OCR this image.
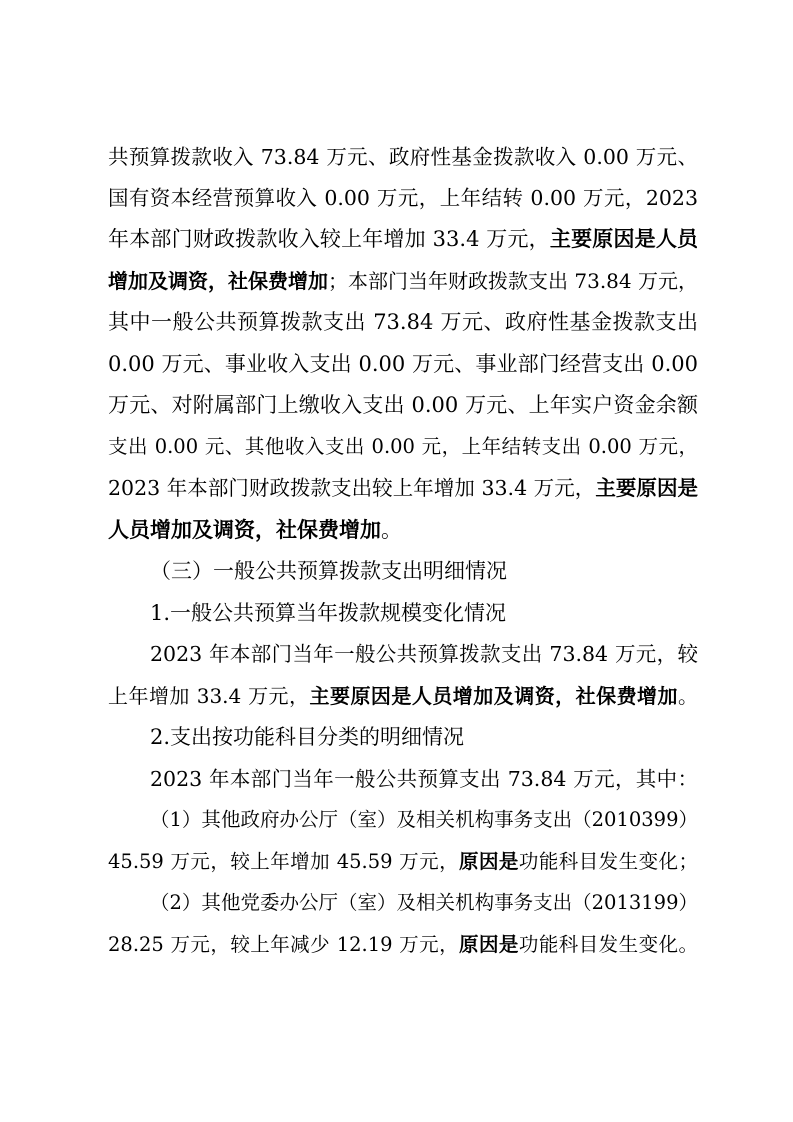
共预算拨款收入 73.84 万元、政府性基金拨款收入 0.00 万元、
国有资本经营预算收入 0.00 万元，上年结转 0.00 万元，2023
年本部门财政拨款收入较上年增加 33.4 万元，主要原因是人员
增加及调资，社保费增加；本部门当年财政拨款支出 73.84 万元，
其中一般公共预算拨款支出 73.84 万元、政府性基金拨款支出
0.00 万元、事业收入支出 0.00 万元、事业部门经营支出 0.00
万元、对附属部门上缴收入支出 0.00 万元、上年实户资金余额
支出 0.00 元、其他收入支出 0.00 元，上年结转支出 0.00 万元，
2023 年本部门财政拨款支出较上年增加 33.4 万元，主要原因是
人员增加及调资，社保费增加。
（三）一般公共预算拨款支出明细情况
1.一般公共预算当年拨款规模变化情况
2023 年本部门当年一般公共预算拨款支出 73.84 万元，较
上年增加 33.4 万元，主要原因是人员增加及调资，社保费增加。
2.支出按功能科目分类的明细情况
2023 年本部门当年一般公共预算支出 73.84 万元，其中：
（1）其他政府办公厅（室）及相关机构事务支出（2010399）
45.59 万元，较上年增加 45.59 万元，原因是功能科目发生变化；
（2）其他党委办公厅（室）及相关机构事务支出（2013199）
28.25 万元，较上年减少 12.19 万元，原因是功能科目发生变化。
